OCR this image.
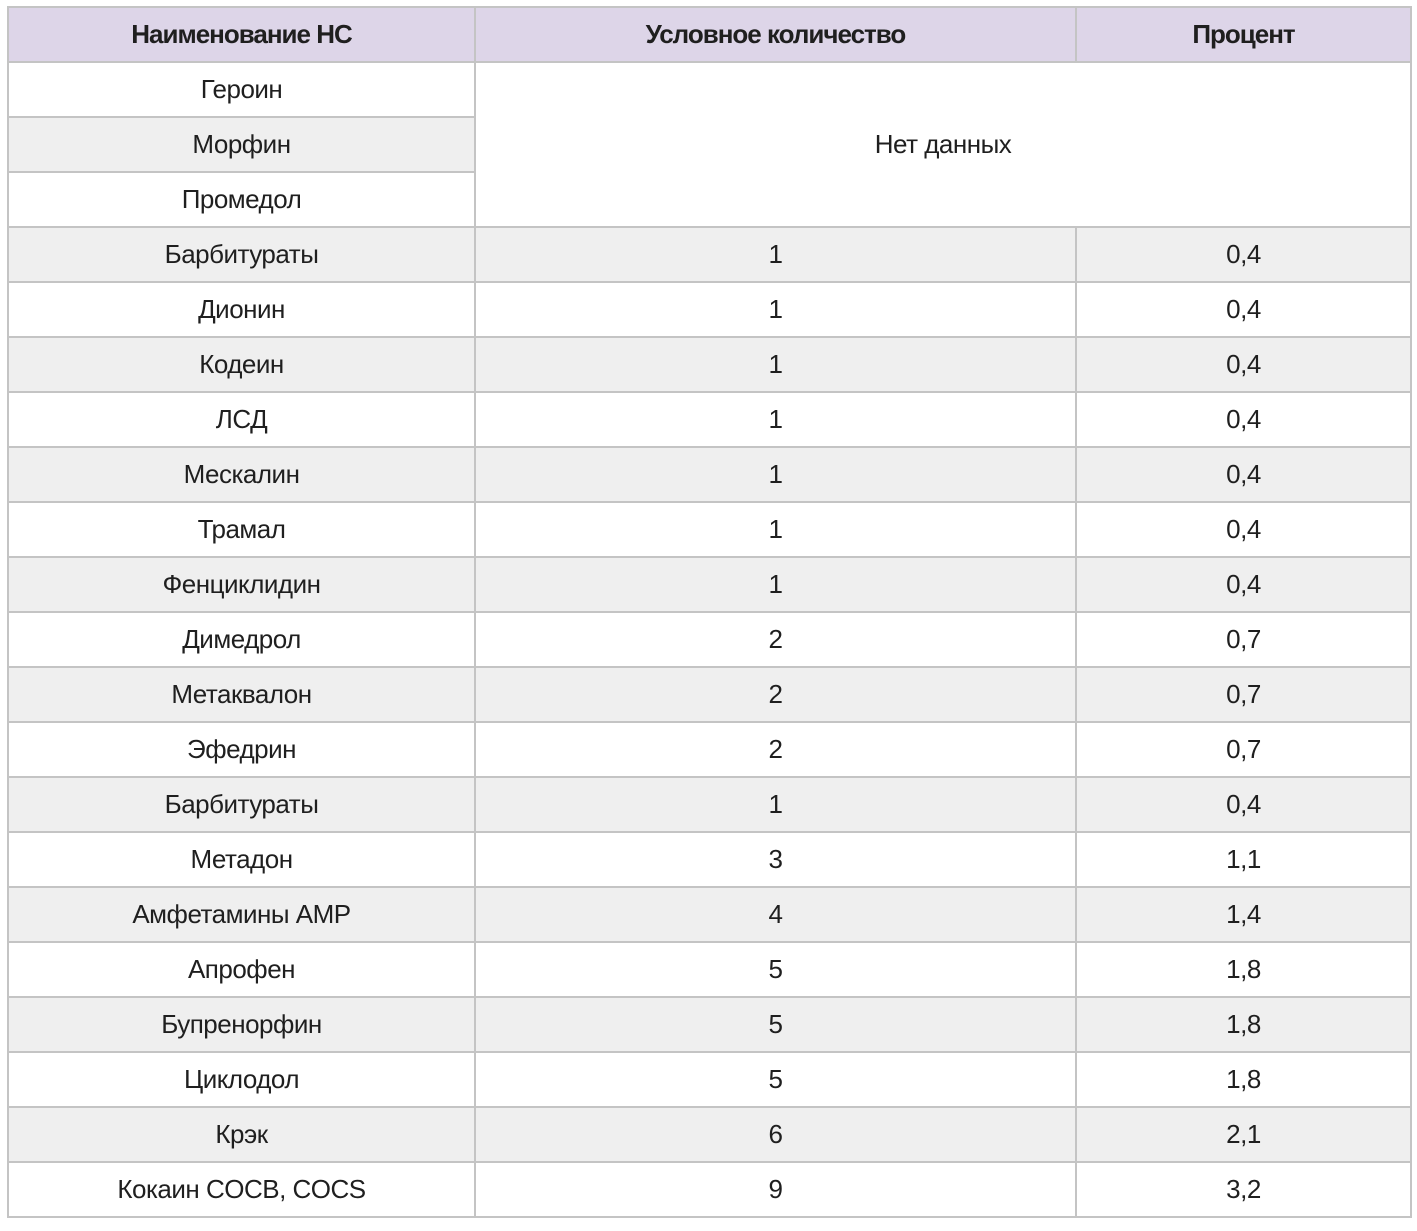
Наименование НС	Условное количество	Процент
Героин	Нет данных	
Морфин		
Промедол		
Барбитураты	1	0,4
Дионин	1	0,4
Кодеин	1	0,4
ЛСД	1	0,4
Мескалин	1	0,4
Трамал	1	0,4
Фенциклидин	1	0,4
Димедрол	2	0,7
Метаквалон	2	0,7
Эфедрин	2	0,7
Барбитураты	1	0,4
Метадон	3	1,1
Амфетамины AMP	4	1,4
Апрофен	5	1,8
Бупренорфин	5	1,8
Циклодол	5	1,8
Крэк	6	2,1
Кокаин COCB, COCS	9	3,2
